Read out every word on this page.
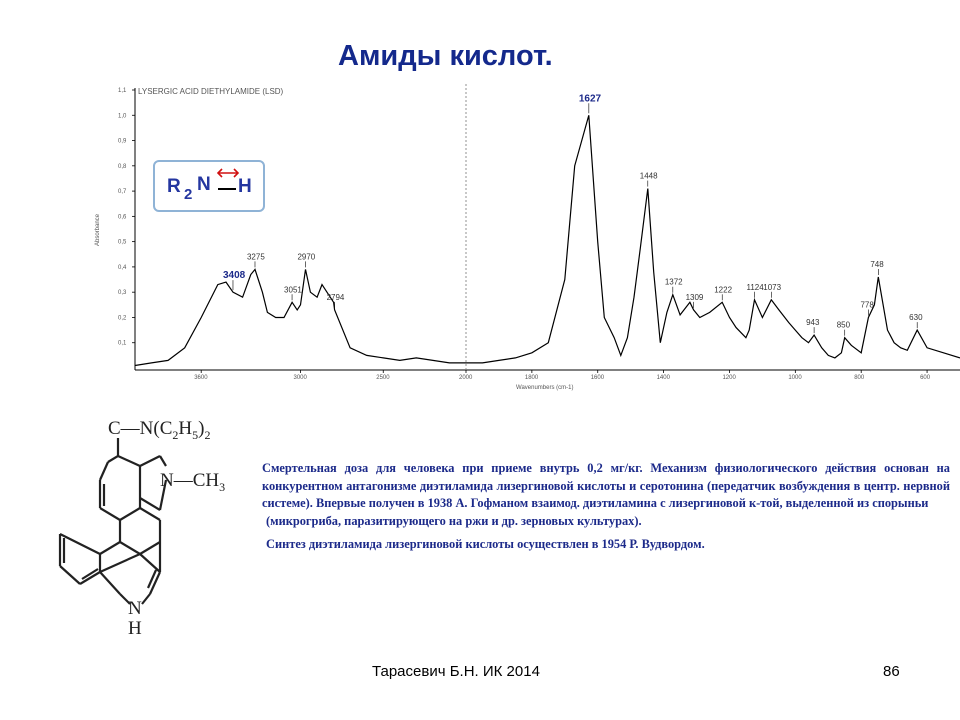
Амиды кислот.
LYSERGIC ACID DIETHYLAMIDE (LSD)
Wavenumbers (cm-1)
Absorbance
3600	3000	2500	2000	1800	1600	1400	1200	1000	800	600
0,1
0,2
0,3
0,4
0,5
0,6
0,7
0,8
0,9
1,0
1,1
3408
3275
3051
2970
2794
1627
1448
1372
1309
1222 1124 1073
943 850
778
748
630
R 2 N H
$C—N(C_2H_5)_2$
$N—CH_3$
N
H

Смертельная доза для человека при приеме внутрь 0,2 мг/кг. Механизм физиологического действия основан на конкурентном антагонизме диэтиламида лизергиновой кислоты и серотонина (передатчик возбуждения в центр. нервной системе). Впервые получен в 1938 А. Гофманом взаимод. диэтиламина с лизергиновой к-той, выделенной из спорыньи

(микрогриба, паразитирующего на ржи и др. зерновых культурах).

Синтез диэтиламида лизергиновой кислоты осуществлен в 1954 Р. Вудвордом.

Тарасевич Б.Н. ИК 2014	86
